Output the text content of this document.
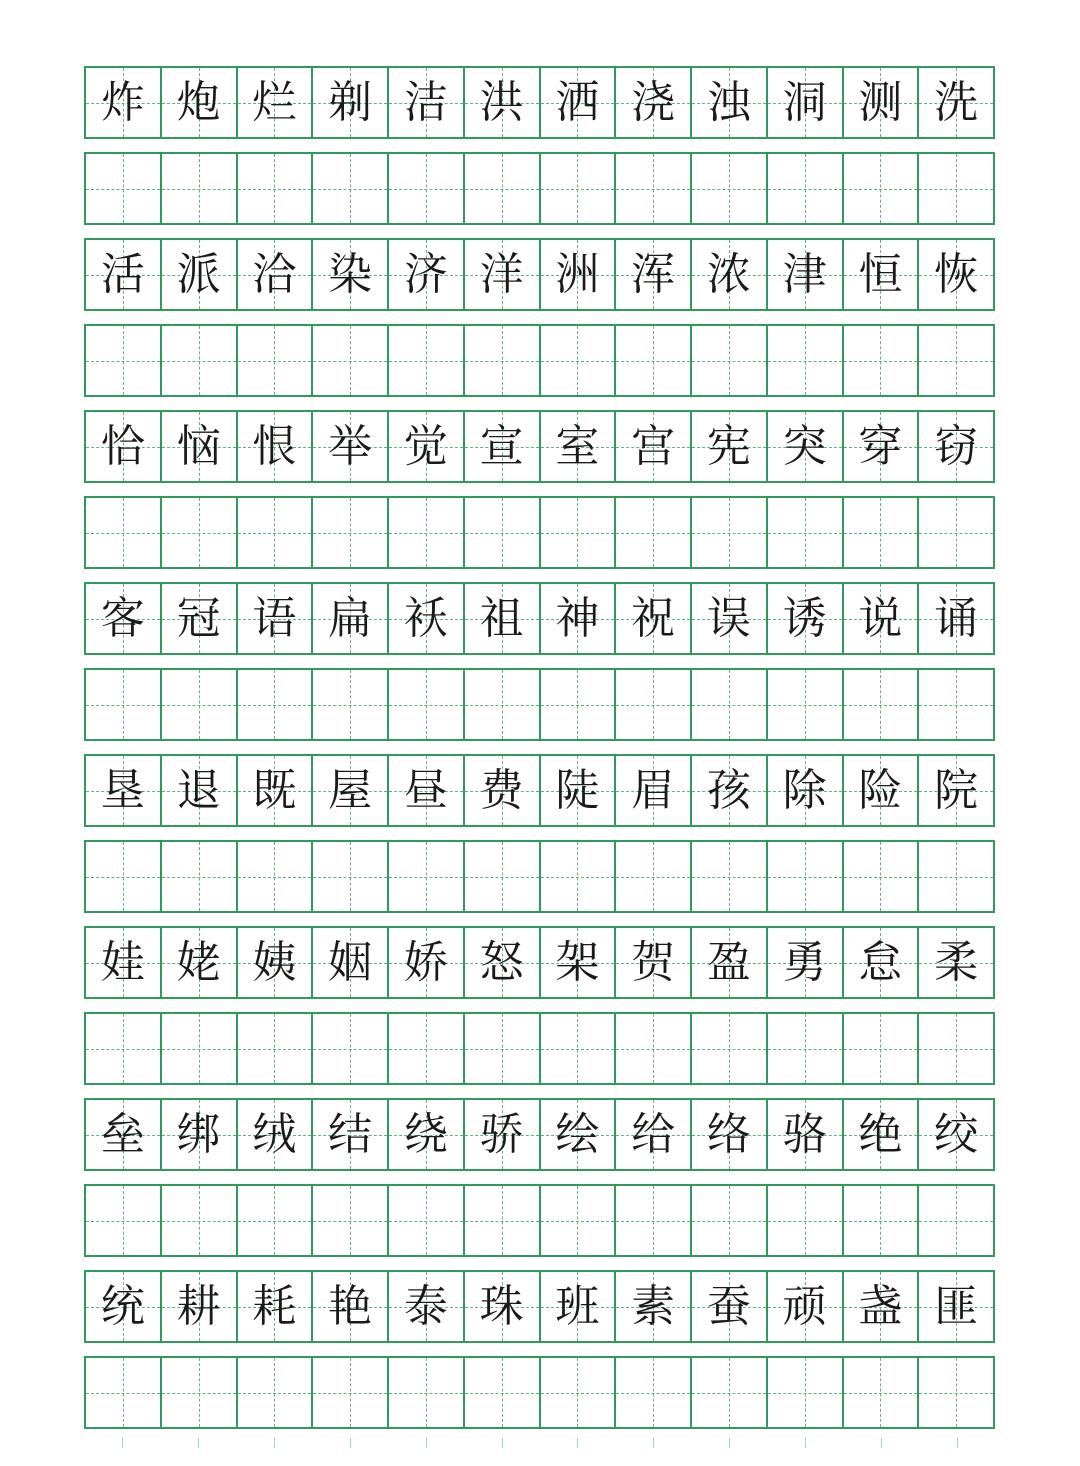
炸 炮 烂 剃 洁 洪 洒 浇 浊 洞 测 洗
活 派 洽 染 济 洋 洲 浑 浓 津 恒 恢
恰 恼 恨 举 觉 宣 室 宫 宪 突 穿 窃
客 冠 语 扁 袄 祖 神 祝 误 诱 说 诵
垦 退 既 屋 昼 费 陡 眉 孩 除 险 院
娃 姥 姨 姻 娇 怒 架 贺 盈 勇 怠 柔
垒 绑 绒 结 绕 骄 绘 给 络 骆 绝 绞
统 耕 耗 艳 泰 珠 班 素 蚕 顽 盏 匪
